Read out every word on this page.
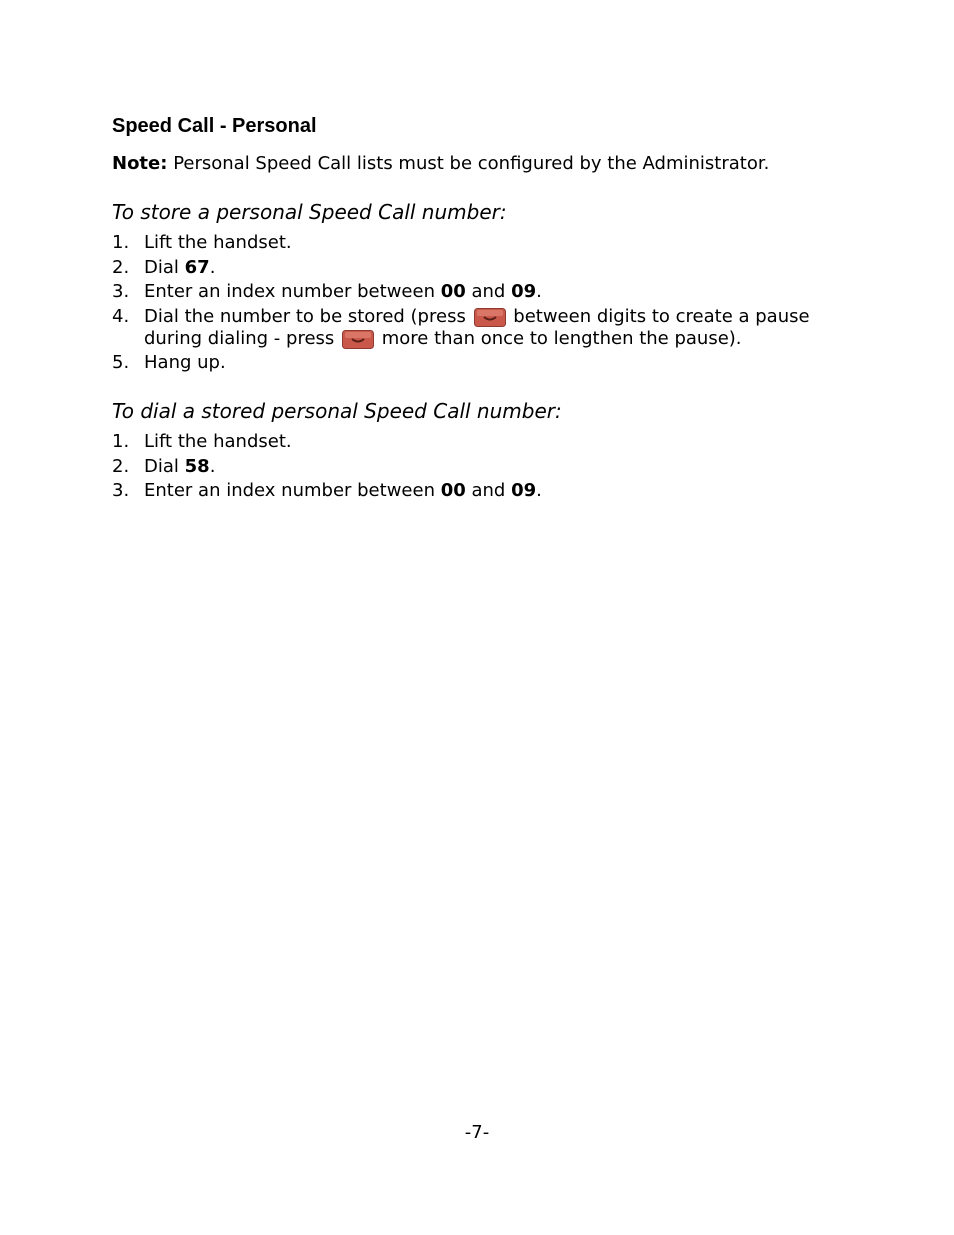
Speed Call - Personal

Note: Personal Speed Call lists must be configured by the Administrator.

To store a personal Speed Call number:

1. Lift the handset.
2. Dial 67.
3. Enter an index number between 00 and 09.
4. Dial the number to be stored (press  between digits to create a pause during dialing - press  more than once to lengthen the pause).
5. Hang up.

To dial a stored personal Speed Call number:

1. Lift the handset.
2. Dial 58.
3. Enter an index number between 00 and 09.

-7-
